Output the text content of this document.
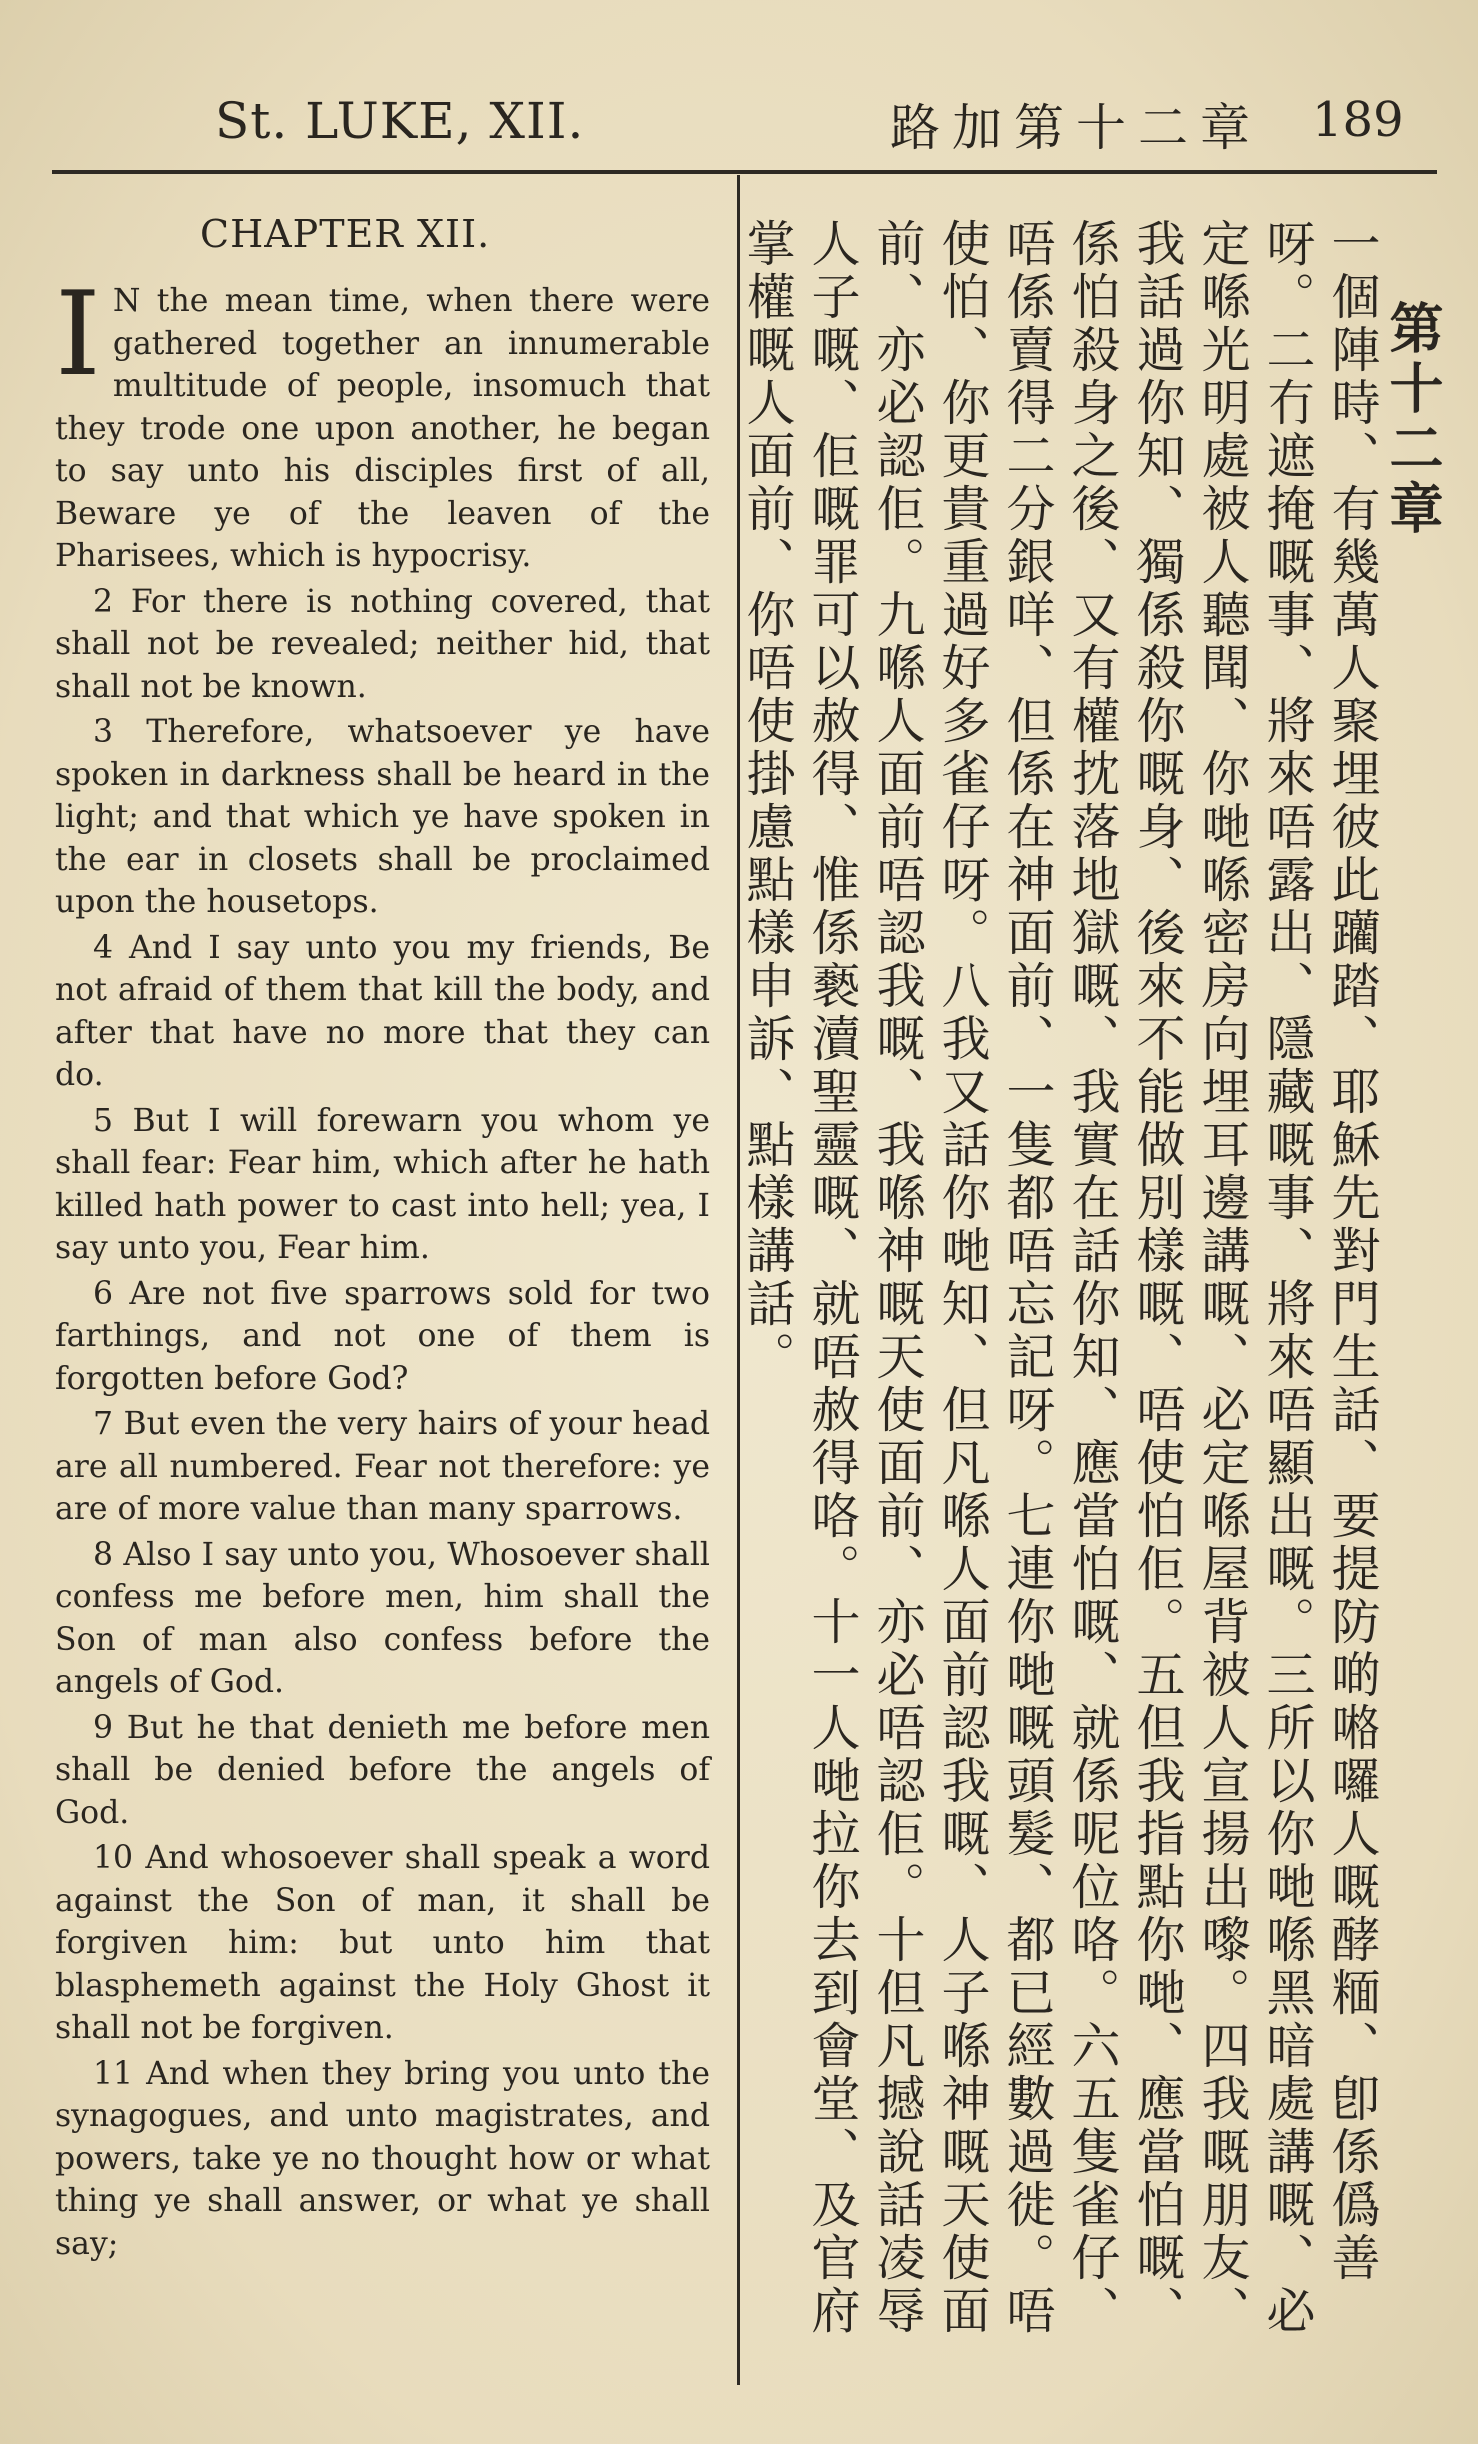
St. LUKE, XII.	路加第十二章 189
CHAPTER XII.

I N the mean time, when there were gathered together an innumerable multitude of people, insomuch that they trode one upon another, he began to say unto his disciples first of all, Beware ye of the leaven of the Pharisees, which is hypocrisy.

2 For there is nothing covered, that shall not be revealed; neither hid, that shall not be known.

3 Therefore, whatsoever ye have spoken in darkness shall be heard in the light; and that which ye have spoken in the ear in closets shall be proclaimed upon the housetops.

4 And I say unto you my friends, Be not afraid of them that kill the body, and after that have no more that they can do.

5 But I will forewarn you whom ye shall fear: Fear him, which after he hath killed hath power to cast into hell; yea, I say unto you, Fear him.

6 Are not five sparrows sold for two farthings, and not one of them is forgotten before God?

7 But even the very hairs of your head are all numbered. Fear not therefore: ye are of more value than many sparrows.

8 Also I say unto you, Whosoever shall confess me before men, him shall the Son of man also confess before the angels of God.

9 But he that denieth me before men shall be denied before the angels of God.

10 And whosoever shall speak a word against the Son of man, it shall be forgiven him: but unto him that blasphemeth against the Holy Ghost it shall not be forgiven.

11 And when they bring you unto the synagogues, and unto magistrates, and powers, take ye no thought how or what thing ye shall answer, or what ye shall say;

第十二章
一個陣時、有幾萬人聚埋彼此躪踏、耶穌先對門生話、要提防啲𠺝囉人嘅酵糆、卽係僞善呀。二冇遮掩嘅事、將來唔露出、隱藏嘅事、將來唔顯出嘅。三所以你哋喺黑暗處講嘅、必定喺光明處被人聽聞、你哋喺密房向埋耳邊講嘅、必定喺屋背被人宣揚出嚟。四我嘅朋友、我話過你知、獨係殺你嘅身、後來不能做別樣嘅、唔使怕佢。五但我指點你哋、應當怕嘅、係怕殺身之後、又有權抌落地獄嘅、我實在話你知、應當怕嘅、就係呢位咯。六五隻雀仔、唔係賣得二分銀咩、但係在神面前、一隻都唔忘記呀。七連你哋嘅頭髮、都已經數過徙。唔使怕、你更貴重過好多雀仔呀。八我又話你哋知、但凡喺人面前認我嘅、人子喺神嘅天使面前、亦必認佢。九喺人面前唔認我嘅、我喺神嘅天使面前、亦必唔認佢。十但凡撼說話凌辱人子嘅、佢嘅罪可以赦得、惟係褻瀆聖靈嘅、就唔赦得咯。十一人哋拉你去到會堂、及官府掌權嘅人面前、你唔使掛慮點樣申訴、點樣講話。
